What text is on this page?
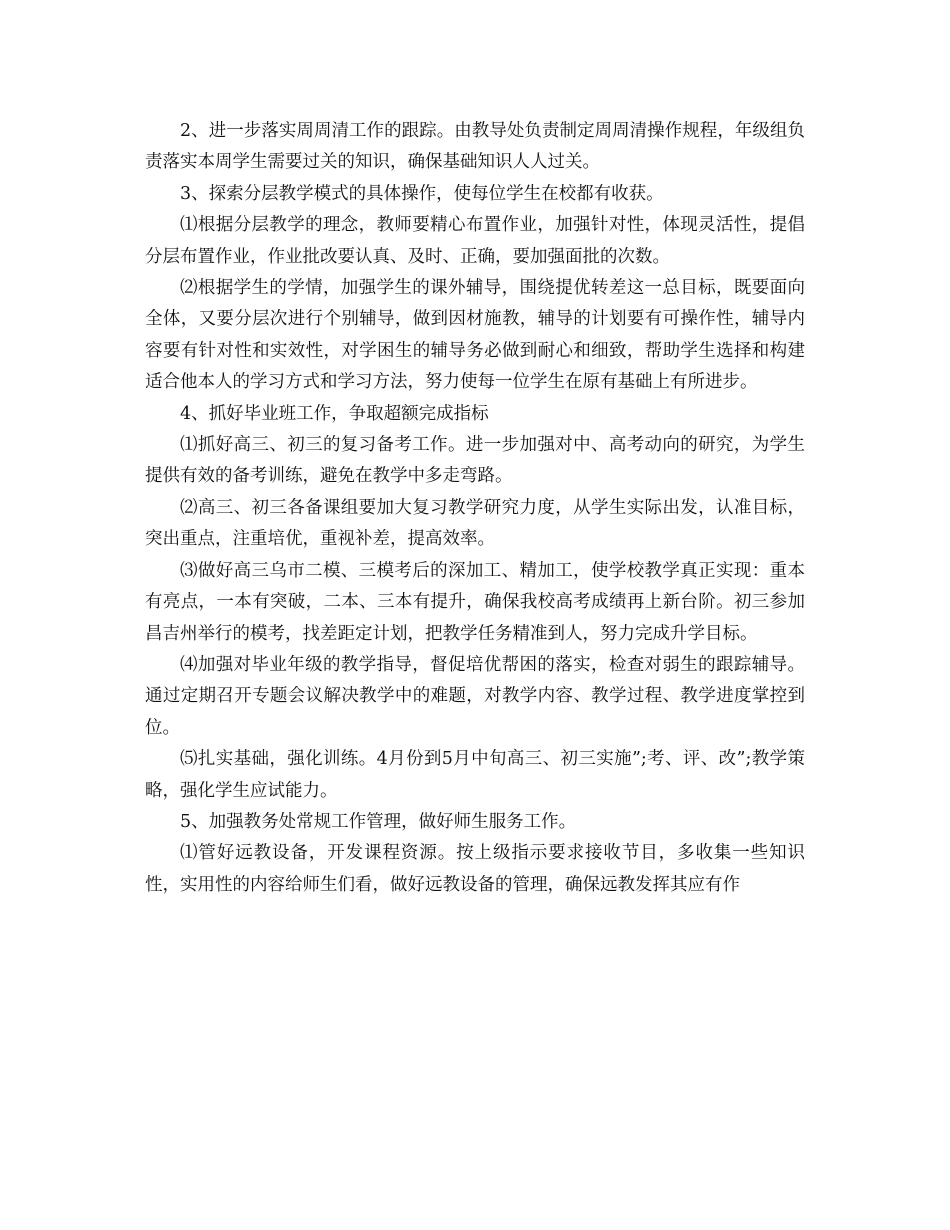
2、进一步落实周周清工作的跟踪。由教导处负责制定周周清操作规程，年级组负责落实本周学生需要过关的知识，确保基础知识人人过关。

3、探索分层教学模式的具体操作，使每位学生在校都有收获。

⑴根据分层教学的理念，教师要精心布置作业，加强针对性，体现灵活性，提倡分层布置作业，作业批改要认真、及时、正确，要加强面批的次数。

⑵根据学生的学情，加强学生的课外辅导，围绕提优转差这一总目标，既要面向全体，又要分层次进行个别辅导，做到因材施教，辅导的计划要有可操作性，辅导内容要有针对性和实效性，对学困生的辅导务必做到耐心和细致，帮助学生选择和构建适合他本人的学习方式和学习方法，努力使每一位学生在原有基础上有所进步。

4、抓好毕业班工作，争取超额完成指标

⑴抓好高三、初三的复习备考工作。进一步加强对中、高考动向的研究，为学生提供有效的备考训练，避免在教学中多走弯路。

⑵高三、初三各备课组要加大复习教学研究力度，从学生实际出发，认准目标，突出重点，注重培优，重视补差，提高效率。

⑶做好高三乌市二模、三模考后的深加工、精加工，使学校教学真正实现：重本有亮点，一本有突破，二本、三本有提升，确保我校高考成绩再上新台阶。初三参加昌吉州举行的模考，找差距定计划，把教学任务精准到人，努力完成升学目标。

⑷加强对毕业年级的教学指导，督促培优帮困的落实，检查对弱生的跟踪辅导。通过定期召开专题会议解决教学中的难题，对教学内容、教学过程、教学进度掌控到位。

⑸扎实基础，强化训练。4月份到5月中旬高三、初三实施”;考、评、改”;教学策略，强化学生应试能力。

5、加强教务处常规工作管理，做好师生服务工作。

⑴管好远教设备，开发课程资源。按上级指示要求接收节目，多收集一些知识性，实用性的内容给师生们看，做好远教设备的管理，确保远教发挥其应有作
